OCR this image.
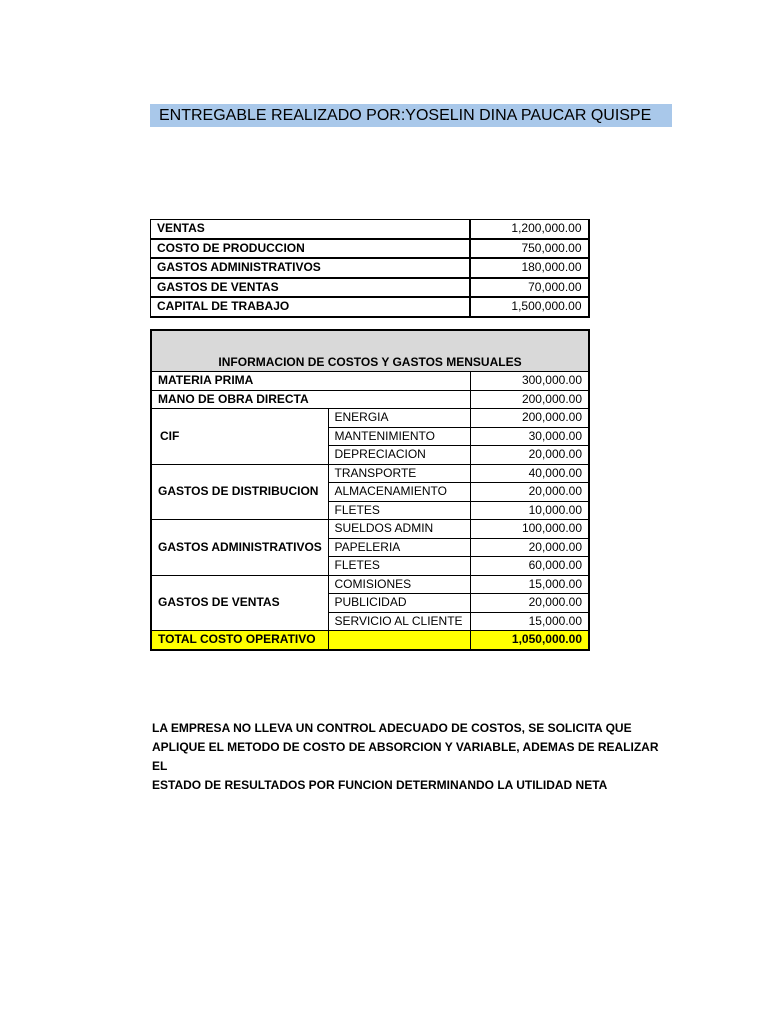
ENTREGABLE REALIZADO POR:YOSELIN DINA PAUCAR QUISPE
VENTAS	1,200,000.00
COSTO DE PRODUCCION	750,000.00
GASTOS ADMINISTRATIVOS	180,000.00
GASTOS DE VENTAS	70,000.00
CAPITAL DE TRABAJO	1,500,000.00
INFORMACION DE COSTOS Y GASTOS MENSUALES		
MATERIA PRIMA		300,000.00
MANO DE OBRA DIRECTA		200,000.00
CIF	ENERGIA	200,000.00
	MANTENIMIENTO	30,000.00
	DEPRECIACION	20,000.00
GASTOS DE DISTRIBUCION	TRANSPORTE	40,000.00
	ALMACENAMIENTO	20,000.00
	FLETES	10,000.00
GASTOS ADMINISTRATIVOS	SUELDOS ADMIN	100,000.00
	PAPELERIA	20,000.00
	FLETES	60,000.00
GASTOS DE VENTAS	COMISIONES	15,000.00
	PUBLICIDAD	20,000.00
	SERVICIO AL CLIENTE	15,000.00
TOTAL COSTO OPERATIVO		1,050,000.00
LA EMPRESA NO LLEVA UN CONTROL ADECUADO DE COSTOS, SE SOLICITA QUE
APLIQUE EL METODO DE COSTO DE ABSORCION Y VARIABLE, ADEMAS DE REALIZAR EL
ESTADO DE RESULTADOS POR FUNCION DETERMINANDO LA UTILIDAD NETA
